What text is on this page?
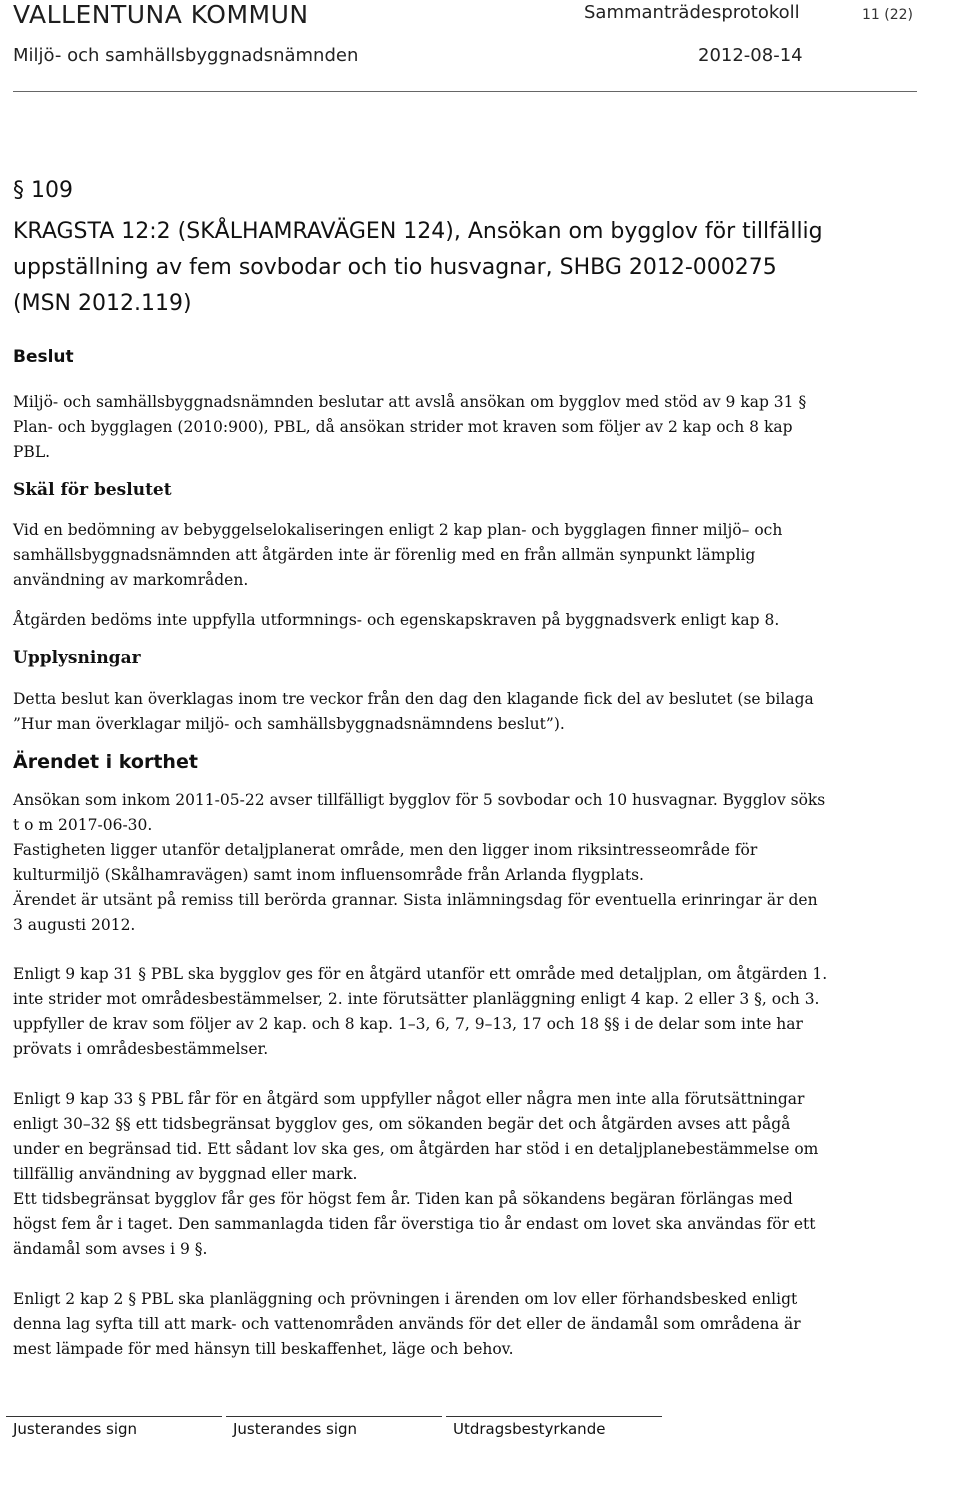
VALLENTUNA KOMMUN	Sammanträdesprotokoll	11 (22)
Miljö- och samhällsbyggnadsnämnden	2012-08-14
§ 109
KRAGSTA 12:2 (SKÅLHAMRAVÄGEN 124), Ansökan om bygglov för tillfällig
uppställning av fem sovbodar och tio husvagnar, SHBG 2012-000275
(MSN 2012.119)
Beslut
Miljö- och samhällsbyggnadsnämnden beslutar att avslå ansökan om bygglov med stöd av 9 kap 31 §
Plan- och bygglagen (2010:900), PBL, då ansökan strider mot kraven som följer av 2 kap och 8 kap
PBL.
Skäl för beslutet
Vid en bedömning av bebyggelselokaliseringen enligt 2 kap plan- och bygglagen finner miljö– och
samhällsbyggnadsnämnden att åtgärden inte är förenlig med en från allmän synpunkt lämplig
användning av markområden.
Åtgärden bedöms inte uppfylla utformnings- och egenskapskraven på byggnadsverk enligt kap 8.
Upplysningar
Detta beslut kan överklagas inom tre veckor från den dag den klagande fick del av beslutet (se bilaga
”Hur man överklagar miljö- och samhällsbyggnadsnämndens beslut”).
Ärendet i korthet
Ansökan som inkom 2011-05-22 avser tillfälligt bygglov för 5 sovbodar och 10 husvagnar. Bygglov söks
t o m 2017-06-30.
Fastigheten ligger utanför detaljplanerat område, men den ligger inom riksintresseområde för
kulturmiljö (Skålhamravägen) samt inom influensområde från Arlanda flygplats.
Ärendet är utsänt på remiss till berörda grannar. Sista inlämningsdag för eventuella erinringar är den
3 augusti 2012.
Enligt 9 kap 31 § PBL ska bygglov ges för en åtgärd utanför ett område med detaljplan, om åtgärden 1.
inte strider mot områdesbestämmelser, 2. inte förutsätter planläggning enligt 4 kap. 2 eller 3 §, och 3.
uppfyller de krav som följer av 2 kap. och 8 kap. 1–3, 6, 7, 9–13, 17 och 18 §§ i de delar som inte har
prövats i områdesbestämmelser.
Enligt 9 kap 33 § PBL får för en åtgärd som uppfyller något eller några men inte alla förutsättningar
enligt 30–32 §§ ett tidsbegränsat bygglov ges, om sökanden begär det och åtgärden avses att pågå
under en begränsad tid. Ett sådant lov ska ges, om åtgärden har stöd i en detaljplanebestämmelse om
tillfällig användning av byggnad eller mark.
Ett tidsbegränsat bygglov får ges för högst fem år. Tiden kan på sökandens begäran förlängas med
högst fem år i taget. Den sammanlagda tiden får överstiga tio år endast om lovet ska användas för ett
ändamål som avses i 9 §.
Enligt 2 kap 2 § PBL ska planläggning och prövningen i ärenden om lov eller förhandsbesked enligt
denna lag syfta till att mark- och vattenområden används för det eller de ändamål som områdena är
mest lämpade för med hänsyn till beskaffenhet, läge och behov.
Justerandes sign	Justerandes sign	Utdragsbestyrkande
